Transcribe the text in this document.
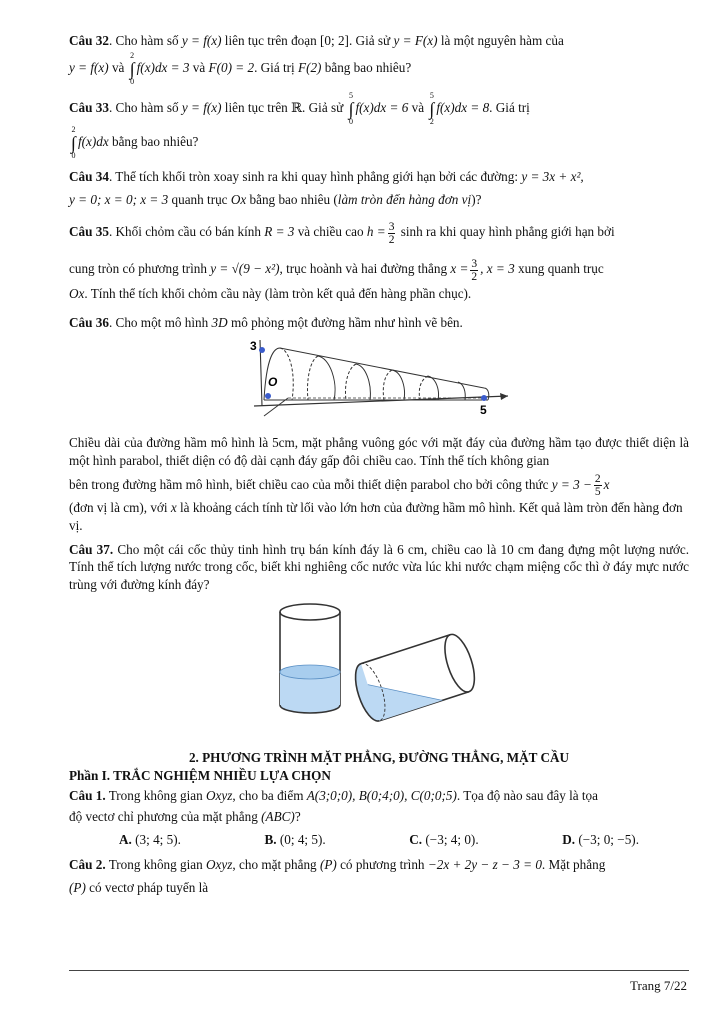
Câu 32. Cho hàm số y = f(x) liên tục trên đoạn [0; 2]. Giả sử y = F(x) là một nguyên hàm của

y = f(x) và
2
∫
0
f(x)dx = 3 và F(0) = 2. Giá trị F(2) bằng bao nhiêu?

Câu 33. Cho hàm số y = f(x) liên tục trên ℝ. Giả sử
5
∫
0
f(x)dx = 6 và
5
∫
2
f(x)dx = 8. Giá trị

2
∫
0
f(x)dx bằng bao nhiêu?

Câu 34. Thể tích khối tròn xoay sinh ra khi quay hình phẳng giới hạn bởi các đường: y = 3x + x²,

y = 0; x = 0; x = 3 quanh trục Ox bằng bao nhiêu (làm tròn đến hàng đơn vị)?

Câu 35. Khối chỏm cầu có bán kính R = 3 và chiều cao $h = \frac{3}{2}$ sinh ra khi quay hình phẳng giới hạn bởi

cung tròn có phương trình y = √(9 − x²), trục hoành và hai đường thẳng $x = \frac{3}{2}$ , x = 3 xung quanh trục

Ox. Tính thể tích khối chỏm cầu này (làm tròn kết quả đến hàng phần chục).

Câu 36. Cho một mô hình 3D mô phỏng một đường hầm như hình vẽ bên.

3
O
5

Chiều dài của đường hầm mô hình là 5cm, mặt phẳng vuông góc với mặt đáy của đường hầm tạo được thiết diện là một hình parabol, thiết diện có độ dài cạnh đáy gấp đôi chiều cao. Tính thể tích không gian

bên trong đường hầm mô hình, biết chiều cao của mỗi thiết diện parabol cho bởi công thức $y = 3 - \frac{2}{5}$ x

(đơn vị là cm), với x là khoảng cách tính từ lối vào lớn hơn của đường hầm mô hình. Kết quả làm tròn đến hàng đơn vị.

Câu 37. Cho một cái cốc thủy tinh hình trụ bán kính đáy là 6 cm, chiều cao là 10 cm đang đựng một lượng nước. Tính thể tích lượng nước trong cốc, biết khi nghiêng cốc nước vừa lúc khi nước chạm miệng cốc thì ở đáy mực nước trùng với đường kính đáy?

2. PHƯƠNG TRÌNH MẶT PHẲNG, ĐƯỜNG THẲNG, MẶT CẦU

Phần I. TRẮC NGHIỆM NHIỀU LỰA CHỌN

Câu 1. Trong không gian Oxyz, cho ba điểm A(3;0;0), B(0;4;0), C(0;0;5). Tọa độ nào sau đây là tọa

độ vectơ chỉ phương của mặt phẳng (ABC)?

A. (3; 4; 5).	B. (0; 4; 5).	C. (−3; 4; 0).	D. (−3; 0; −5).

Câu 2. Trong không gian Oxyz, cho mặt phẳng (P) có phương trình −2x + 2y − z − 3 = 0. Mặt phẳng

(P) có vectơ pháp tuyến là

Trang 7/22
